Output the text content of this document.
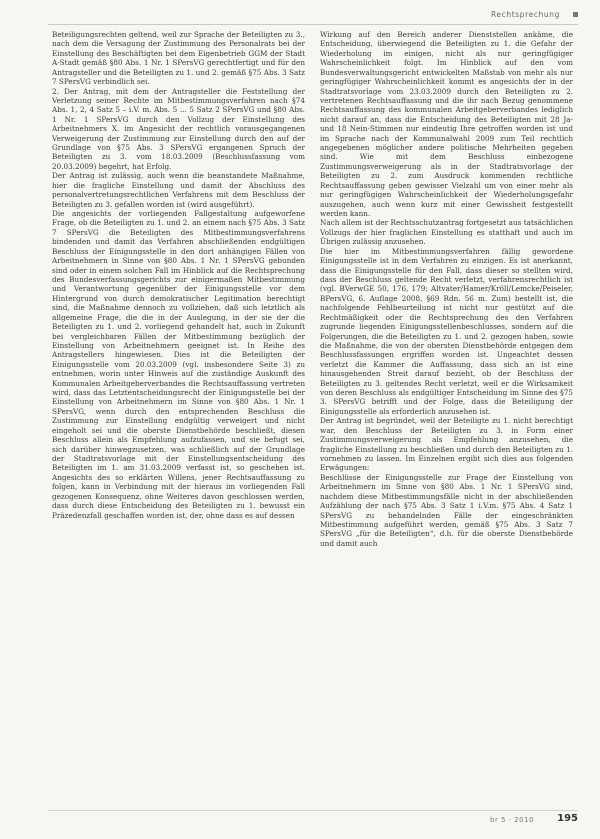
Rechtsprechung

Beteiligungsrechten geltend, weil zur Sprache der Beteiligten zu 3., nach dem die Versagung der Zustimmung des Personalrats bei der Einstellung des Beschäftigten bei dem Eigenbetrieb GGM der Stadt A-Stadt gemäß §80 Abs. 1 Nr. 1 SPersVG gerechtfertigt und für den Antragsteller und die Beteiligten zu 1. und 2. gemäß §75 Abs. 3 Satz 7 SPersVG verbindlich sei.

2. Der Antrag, mit dem der Antragsteller die Feststellung der Verletzung seiner Rechte im Mitbestimmungsverfahren nach §74 Abs. 1, 2, 4 Satz 5 – i.V. m. Abs. 5 ... 5 Satz 2 SPersVG und §80 Abs. 1 Nr. 1 SPersVG durch den Vollzug der Einstellung des Arbeitnehmers X. im Angesicht der rechtlich vorausgegangenen Verweigerung der Zustimmung zur Einstellung durch den auf der Grundlage von §75 Abs. 3 SPersVG ergangenen Spruch der Beteiligten zu 3. vom 18.03.2009 (Beschlussfassung vom 20.03.2009) begehrt, hat Erfolg.

Der Antrag ist zulässig, auch wenn die beanstandete Maßnahme, hier die fragliche Einstellung und damit der Abschluss des personalvertretungsrechtlichen Verfahrens mit dem Beschluss der Beteiligten zu 3. gefallen worden ist (wird ausgeführt).

Die angesichts der vorliegenden Fallgestaltung aufgeworfene Frage, ob die Beteiligten zu 1. und 2. an einem nach §75 Abs. 3 Satz 7 SPersVG die Beteiligten des Mitbestimmungsverfahrens bindenden und damit das Verfahren abschließenden endgültigen Beschluss der Einigungsstelle in den dort anhängigen Fällen von Arbeitnehmern in Sinne von §80 Abs. 1 Nr. 1 SPersVG gebunden sind oder in einem solchen Fall im Hinblick auf die Rechtsprechung des Bundesverfassungsgerichts zur einigermaßen Mitbestimmung und Verantwortung gegenüber der Einigungsstelle vor dem Hintergrund von durch demokratischer Legitimation berechtigt sind, die Maßnahme dennoch zu vollziehen, daß sich letztlich als allgemeine Frage, die die in der Auslegung, in der sie der die Beteiligten zu 1. und 2. vorliegend gehandelt hat, auch in Zukunft bei vergleichbaren Fällen der Mitbestimmung bezüglich der Einstellung von Arbeitnehmern geeignet ist. In Reihe des Antragstellers hingewiesen. Dies ist die Beteiligten der Einigungsstelle vom 20.03.2009 (vgl. insbesondere Seite 3) zu entnehmen, worin unter Hinweis auf die zuständige Auskunft des Kommunalen Arbeitgeberverbandes die Rechtsauffassung vertreten wird, dass das Letztentscheidungsrecht der Einigungsstelle bei der Einstellung von Arbeitnehmern im Sinne von §80 Abs. 1 Nr. 1 SPersVG, wenn durch den entsprechenden Beschluss die Zustimmung zur Einstellung endgültig verweigert und nicht eingeholt sei und die oberste Dienstbehörde beschließt, diesen Beschluss allein als Empfehlung aufzufassen, und sie befugt sei, sich darüber hinwegzusetzen, was schließlich auf der Grundlage der Stadtratsvorlage mit der Einstellungsentscheidung des Beteiligten im 1. am 31.03.2009 verfasst ist, so geschehen ist. Angesichts des so erklärten Willens, jener Rechtsauffassung zu folgen, kann in Verbindung mit der hieraus im vorliegenden Fall gezogenen Konsequenz, ohne Weiteres davon geschlossen werden, dass durch diese Entscheidung des Beteiligten zu 1. bewusst ein Präzedenzfall geschaffen worden ist, der, ohne dass es auf dessen

Wirkung auf den Bereich anderer Dienststellen ankäme, die Entscheidung, überwiegend die Beteiligten zu 1. die Gefahr der Wiederholung im einigen, nicht als nur geringfügiger Wahrscheinlichkeit folgt. Im Hinblick auf den vom Bundesverwaltungsgericht entwickelten Maßstab von mehr als nur geringfügiger Wahrscheinlichkeit kommt es angesichts der in der Stadtratsvorlage vom 23.03.2009 durch den Beteiligten zu 2. vertretenen Rechtsauffassung und die ihr nach Bezug genommene Rechtsauffassung des kommunalen Arbeitgeberverbandes lediglich nicht darauf an, dass die Entscheidung des Beteiligten mit 28 Ja- und 18 Nein-Stimmen nur eindeutig Ihre getroffen worden ist und im Sprache nach der Kommunalwahl 2009 zum Teil rechtlich angegebenen möglicher andere politische Mehrheiten gegeben sind. Wie mit dem Beschluss einbezogene Zustimmungsverweigerung als in der Stadtratsvorlage der Beteiligten zu 2. zum Ausdruck kommenden rechtliche Rechtsauffassung geben gewisser Vielzahl um von einer mehr als nur geringfügigen Wahrscheinlichkeit der Wiederholungsgefahr auszugehen, auch wenn kurz mit einer Gewissheit festgestellt werden kann.

Nach allem ist der Rechtsschutzantrag fortgesetzt aus tatsächlichen Vollzugs der hier fraglichen Einstellung es statthaft und auch im Übrigen zulässig anzusehen.

Die hier im Mitbestimmungsverfahren fällig gewordene Einigungsstelle ist in dem Verfahren zu einzigen. Es ist anerkannt, dass die Einigungsstelle für den Fall, dass dieser so stellten wird, dass der Beschluss geltende Recht verletzt, verfahrensrechtlich ist (vgl. BVerwGE 50, 176, 179; Altvater/Hamer/Kröll/Lemcke/Peiseler, BPersVG, 6. Auflage 2008, §69 Rdn. 56 m. Zum) bestellt ist, die nachfolgende Fehlbeurteilung ist nicht nur gestützt auf die Rechtmäßigkeit oder die Rechtsprechung des den Verfahren zugrunde liegenden Einigungsstellenbeschlusses, sondern auf die Folgerungen, die die Beteiligten zu 1. und 2. gezogen haben, sowie die Maßnahme, die von der obersten Dienstbehörde entgegen dem Beschlussfassungen ergriffen worden ist. Ungeachtet dessen verletzt die Kammer die Auffassung, dass sich an ist eine hinausgehenden Streit darauf bezieht, ob der Beschluss der Beteiligten zu 3. geltendes Recht verletzt, weil er die Wirksamkeit von deren Beschluss als endgültiger Entscheidung im Sinne des §75 3. SPersVG betrifft und der Folge, dass die Beteiligung der Einigungsstelle als erforderlich anzusehen ist.

Der Antrag ist begründet, weil der Beteiligte zu 1. nicht berechtigt war, den Beschluss der Beteiligten zu 3. in Form einer Zustimmungsverweigerung als Empfehlung anzusehen, die fragliche Einstellung zu beschließen und durch den Beteiligten zu 1. vornehmen zu lassen. Im Einzelnen ergibt sich dies aus folgenden Erwägungen:

Beschlüsse der Einigungsstelle zur Frage der Einstellung von Arbeitnehmern im Sinne von §80 Abs. 1 Nr. 1 SPersVG sind, nachdem diese Mitbestimmungsfälle nicht in der abschließenden Aufzählung der nach §75 Abs. 3 Satz 1 i.V.m. §75 Abs. 4 Satz 1 SPersVG zu behandelnden Fälle der eingeschränkten Mitbestimmung aufgeführt werden, gemäß §75 Abs. 3 Satz 7 SPersVG „für die Beteiligten“, d.h. für die oberste Dienstbehörde und damit auch

br 5 · 2010 195
